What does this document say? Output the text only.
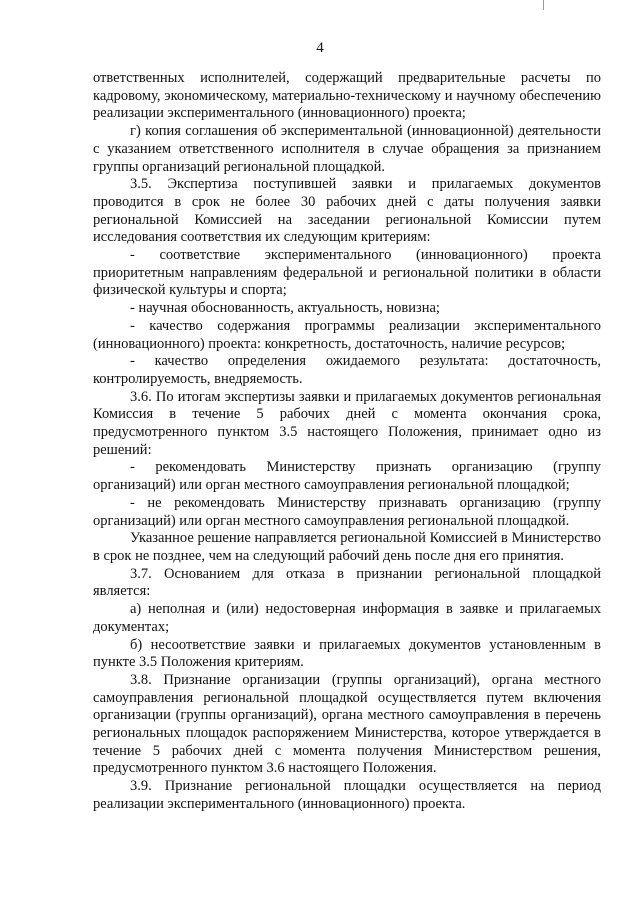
4

ответственных исполнителей, содержащий предварительные расчеты по кадровому, экономическому, материально-техническому и научному обеспечению реализации экспериментального (инновационного) проекта;

г) копия соглашения об экспериментальной (инновационной) деятельности с указанием ответственного исполнителя в случае обращения за признанием группы организаций региональной площадкой.

3.5. Экспертиза поступившей заявки и прилагаемых документов проводится в срок не более 30 рабочих дней с даты получения заявки региональной Комиссией на заседании региональной Комиссии путем исследования соответствия их следующим критериям:

- соответствие экспериментального (инновационного) проекта приоритетным направлениям федеральной и региональной политики в области физической культуры и спорта;

- научная обоснованность, актуальность, новизна;

- качество содержания программы реализации экспериментального (инновационного) проекта: конкретность, достаточность, наличие ресурсов;

- качество определения ожидаемого результата: достаточность, контролируемость, внедряемость.

3.6. По итогам экспертизы заявки и прилагаемых документов региональная Комиссия в течение 5 рабочих дней с момента окончания срока, предусмотренного пунктом 3.5 настоящего Положения, принимает одно из решений:

- рекомендовать Министерству признать организацию (группу организаций) или орган местного самоуправления региональной площадкой;

- не рекомендовать Министерству признавать организацию (группу организаций) или орган местного самоуправления региональной площадкой.

Указанное решение направляется региональной Комиссией в Министерство в срок не позднее, чем на следующий рабочий день после дня его принятия.

3.7. Основанием для отказа в признании региональной площадкой является:

а) неполная и (или) недостоверная информация в заявке и прилагаемых документах;

б) несоответствие заявки и прилагаемых документов установленным в пункте 3.5 Положения критериям.

3.8. Признание организации (группы организаций), органа местного самоуправления региональной площадкой осуществляется путем включения организации (группы организаций), органа местного самоуправления в перечень региональных площадок распоряжением Министерства, которое утверждается в течение 5 рабочих дней с момента получения Министерством решения, предусмотренного пунктом 3.6 настоящего Положения.

3.9. Признание региональной площадки осуществляется на период реализации экспериментального (инновационного) проекта.
